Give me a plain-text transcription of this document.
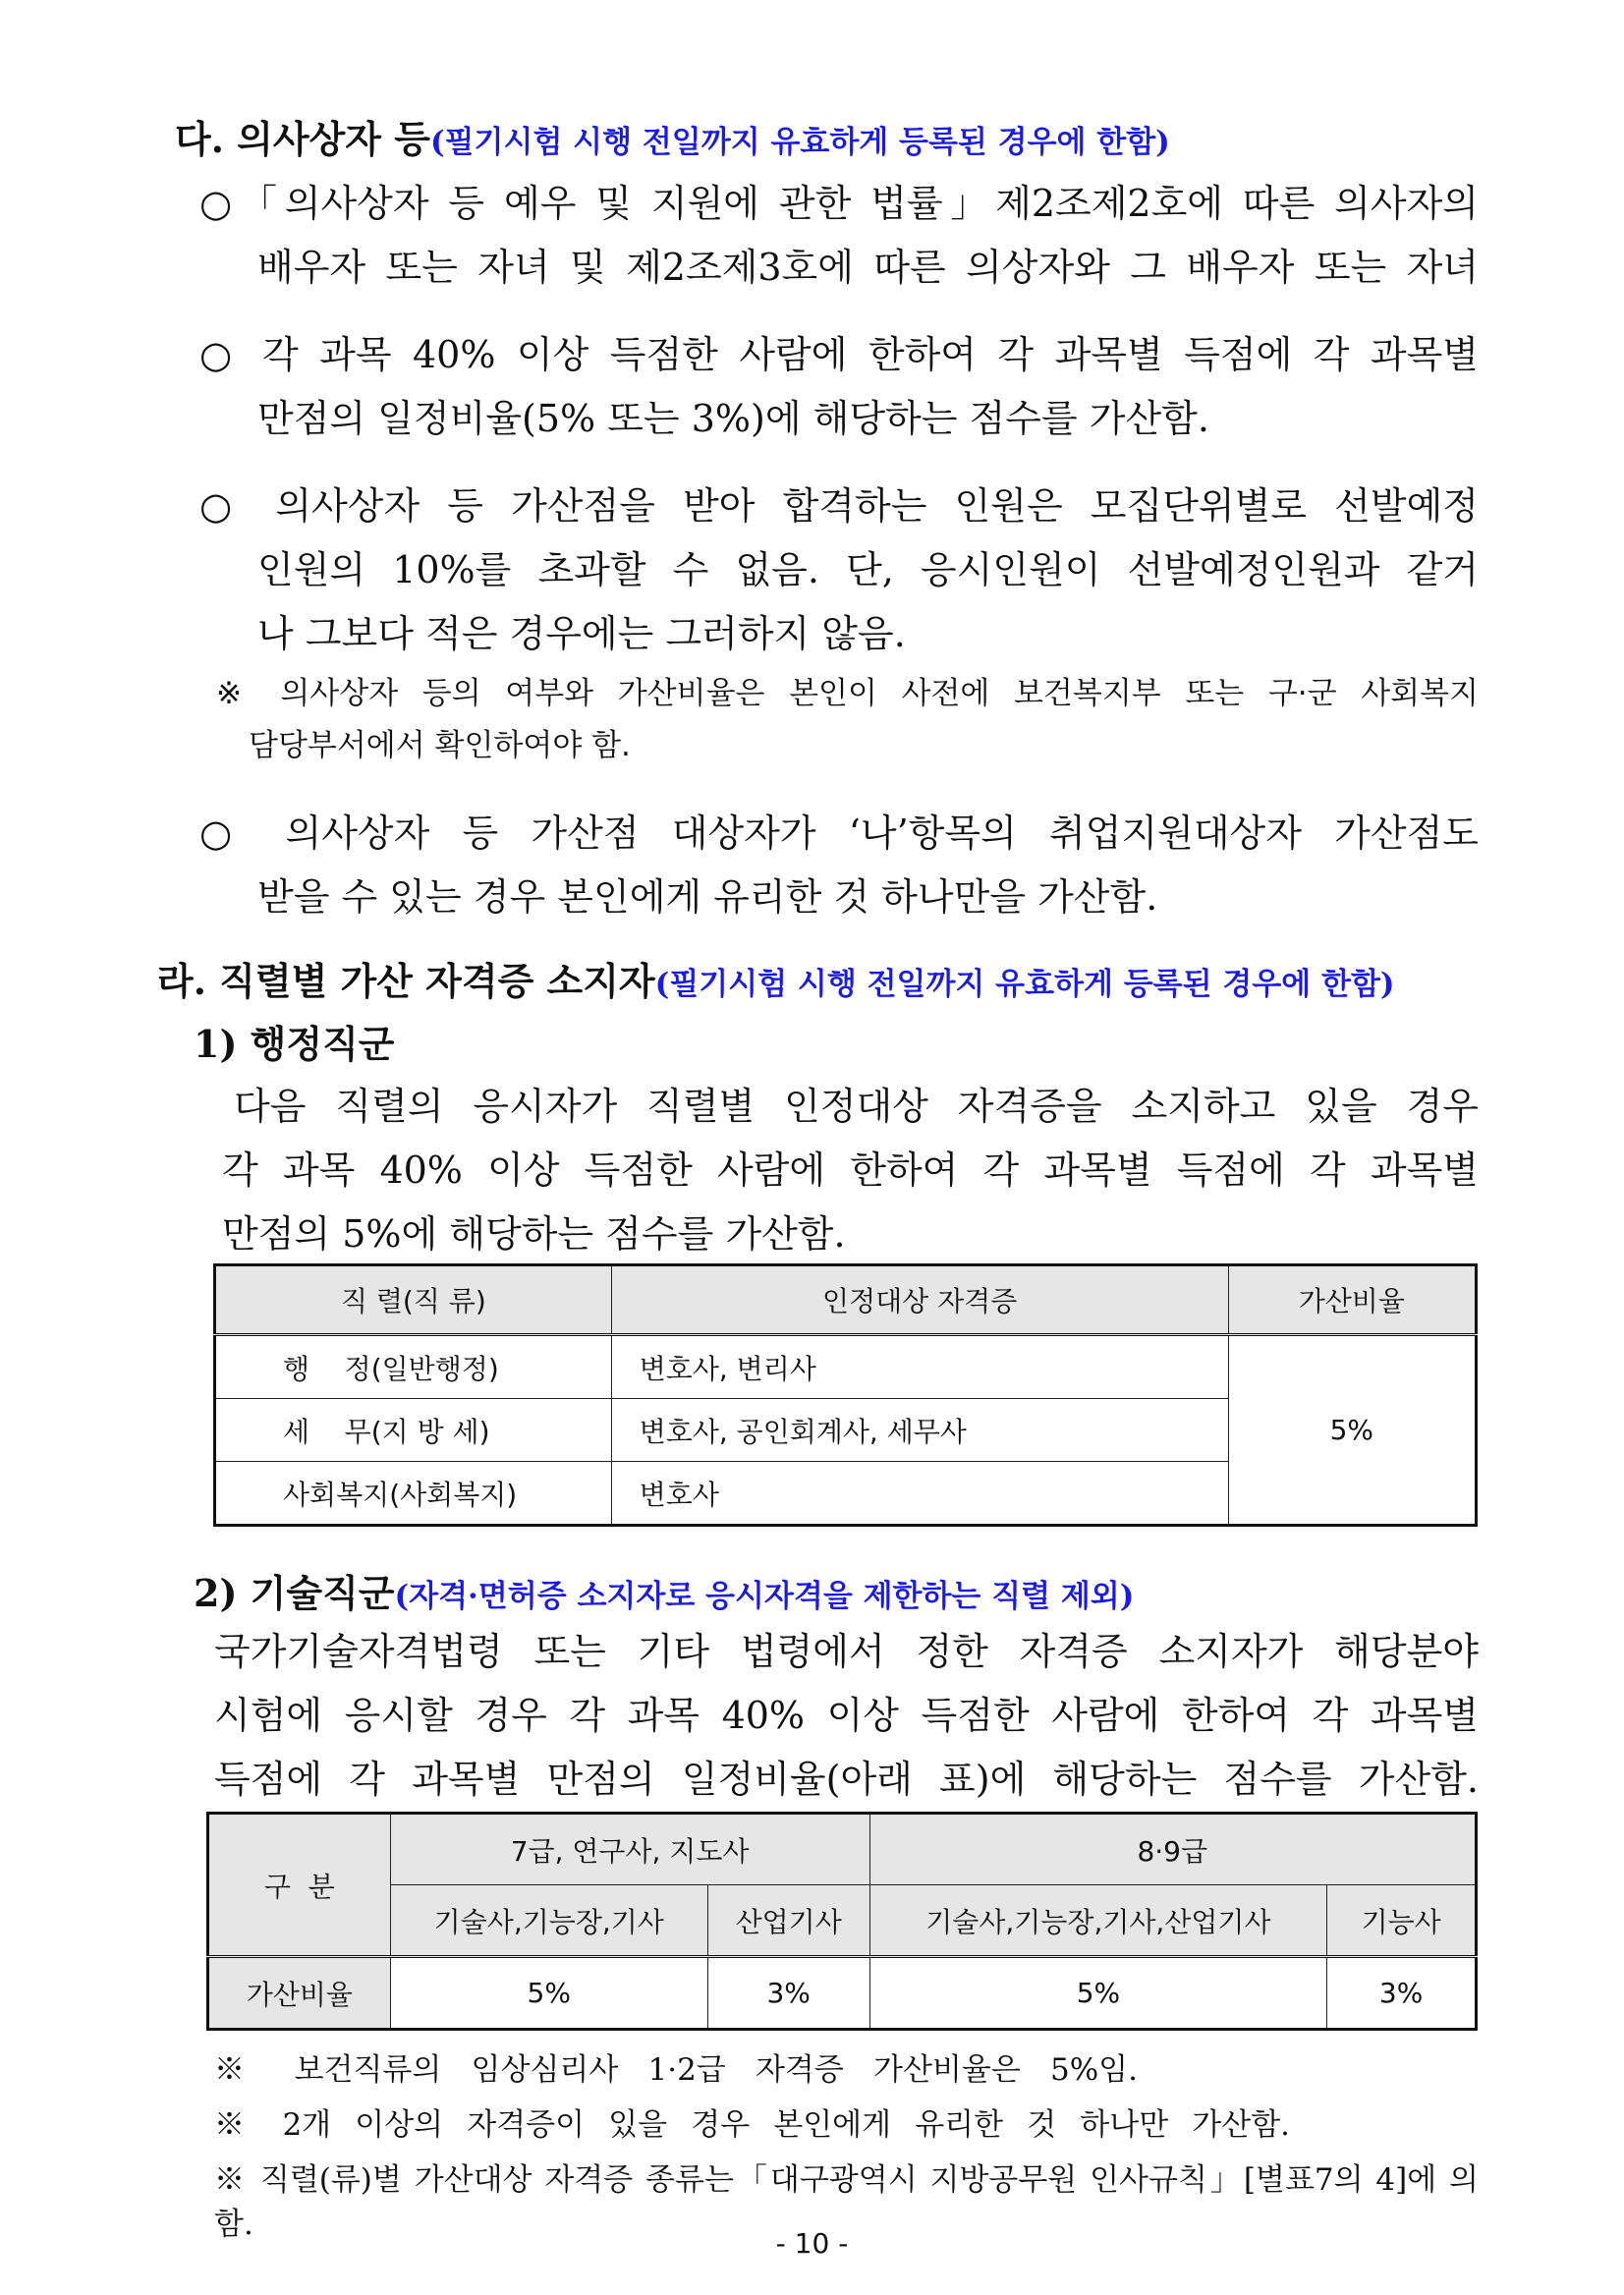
다. 의사상자 등(필기시험 시행 전일까지 유효하게 등록된 경우에 한함)
○「의사상자 등 예우 및 지원에 관한 법률」제2조제2호에 따른 의사자의
배우자 또는 자녀 및 제2조제3호에 따른 의상자와 그 배우자 또는 자녀
○ 각 과목 40% 이상 득점한 사람에 한하여 각 과목별 득점에 각 과목별
만점의 일정비율(5% 또는 3%)에 해당하는 점수를 가산함.
○ 의사상자 등 가산점을 받아 합격하는 인원은 모집단위별로 선발예정
인원의 10%를 초과할 수 없음. 단, 응시인원이 선발예정인원과 같거
나 그보다 적은 경우에는 그러하지 않음.
※ 의사상자 등의 여부와 가산비율은 본인이 사전에 보건복지부 또는 구·군 사회복지
담당부서에서 확인하여야 함.
○ 의사상자 등 가산점 대상자가 ‘나’항목의 취업지원대상자 가산점도
받을 수 있는 경우 본인에게 유리한 것 하나만을 가산함.
라. 직렬별 가산 자격증 소지자(필기시험 시행 전일까지 유효하게 등록된 경우에 한함)
1) 행정직군
다음 직렬의 응시자가 직렬별 인정대상 자격증을 소지하고 있을 경우
각 과목 40% 이상 득점한 사람에 한하여 각 과목별 득점에 각 과목별
만점의 5%에 해당하는 점수를 가산함.
직 렬(직 류)	인정대상 자격증	가산비율
행    정(일반행정)	변호사, 변리사	5%
세    무(지 방 세)	변호사, 공인회계사, 세무사	
사회복지(사회복지)	변호사	
2) 기술직군(자격·면허증 소지자로 응시자격을 제한하는 직렬 제외)
국가기술자격법령 또는 기타 법령에서 정한 자격증 소지자가 해당분야
시험에 응시할 경우 각 과목 40% 이상 득점한 사람에 한하여 각 과목별
득점에 각 과목별 만점의 일정비율(아래 표)에 해당하는 점수를 가산함.
구  분	7급, 연구사, 지도사		8·9급	
	기술사,기능장,기사	산업기사	기술사,기능장,기사,산업기사	기능사
가산비율	5%	3%	5%	3%
※ 보건직류의 임상심리사 1·2급 자격증 가산비율은 5%임.
※ 2개 이상의 자격증이 있을 경우 본인에게 유리한 것 하나만 가산함.
※ 직렬(류)별 가산대상 자격증 종류는「대구광역시 지방공무원 인사규칙」[별표7의 4]에 의함.
- 10 -
